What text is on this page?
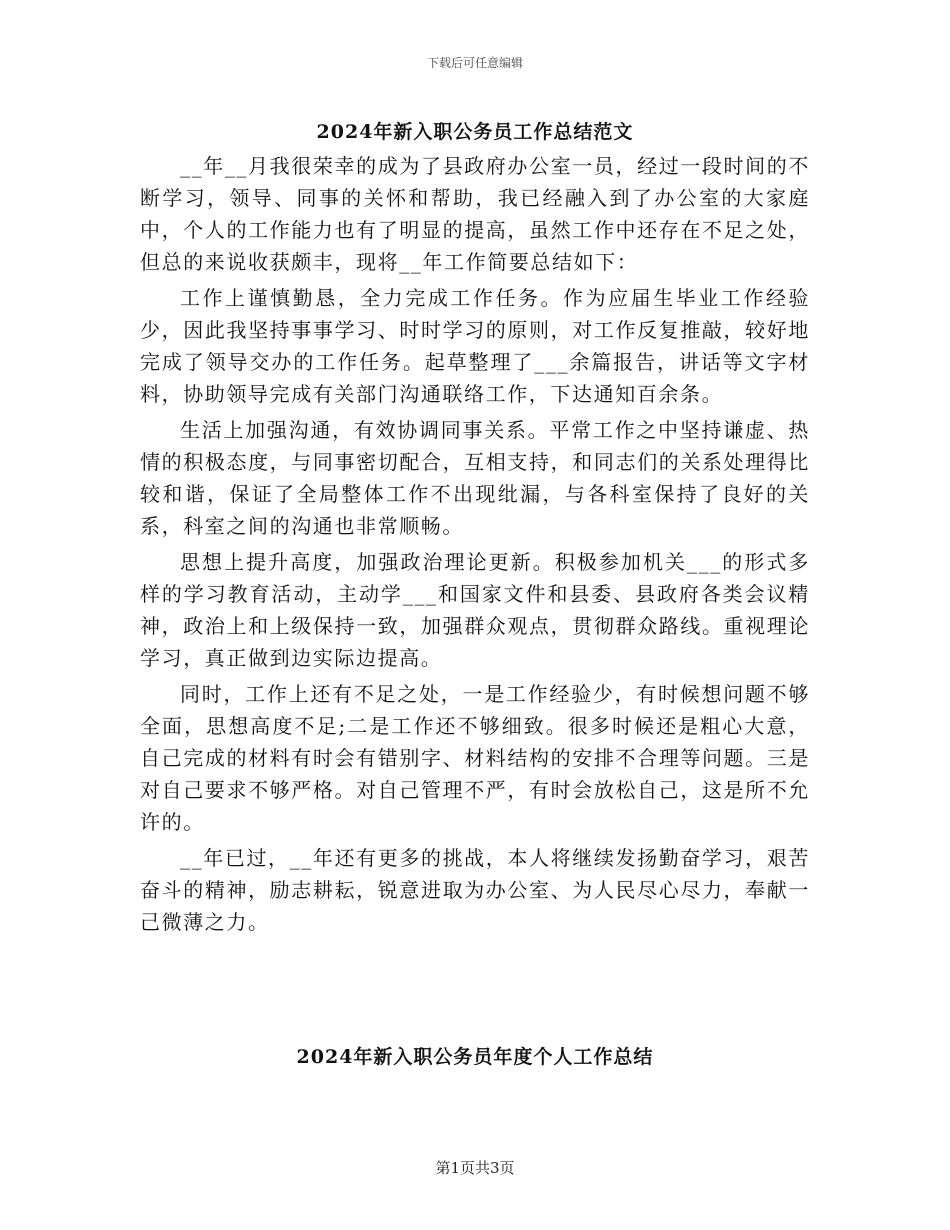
下载后可任意编辑
2024年新入职公务员工作总结范文

__年__月我很荣幸的成为了县政府办公室一员，经过一段时间的不断学习，领导、同事的关怀和帮助，我已经融入到了办公室的大家庭中，个人的工作能力也有了明显的提高，虽然工作中还存在不足之处，但总的来说收获颇丰，现将__年工作简要总结如下：

工作上谨慎勤恳，全力完成工作任务。作为应届生毕业工作经验少，因此我坚持事事学习、时时学习的原则，对工作反复推敲，较好地完成了领导交办的工作任务。起草整理了___余篇报告，讲话等文字材料，协助领导完成有关部门沟通联络工作，下达通知百余条。

生活上加强沟通，有效协调同事关系。平常工作之中坚持谦虚、热情的积极态度，与同事密切配合，互相支持，和同志们的关系处理得比较和谐，保证了全局整体工作不出现纰漏，与各科室保持了良好的关系，科室之间的沟通也非常顺畅。

思想上提升高度，加强政治理论更新。积极参加机关___的形式多样的学习教育活动，主动学___和国家文件和县委、县政府各类会议精神，政治上和上级保持一致，加强群众观点，贯彻群众路线。重视理论学习，真正做到边实际边提高。

同时，工作上还有不足之处，一是工作经验少，有时候想问题不够全面，思想高度不足;二是工作还不够细致。很多时候还是粗心大意，自己完成的材料有时会有错别字、材料结构的安排不合理等问题。三是对自己要求不够严格。对自己管理不严，有时会放松自己，这是所不允许的。

__年已过，__年还有更多的挑战，本人将继续发扬勤奋学习，艰苦奋斗的精神，励志耕耘，锐意进取为办公室、为人民尽心尽力，奉献一己微薄之力。

2024年新入职公务员年度个人工作总结
第1页共3页
